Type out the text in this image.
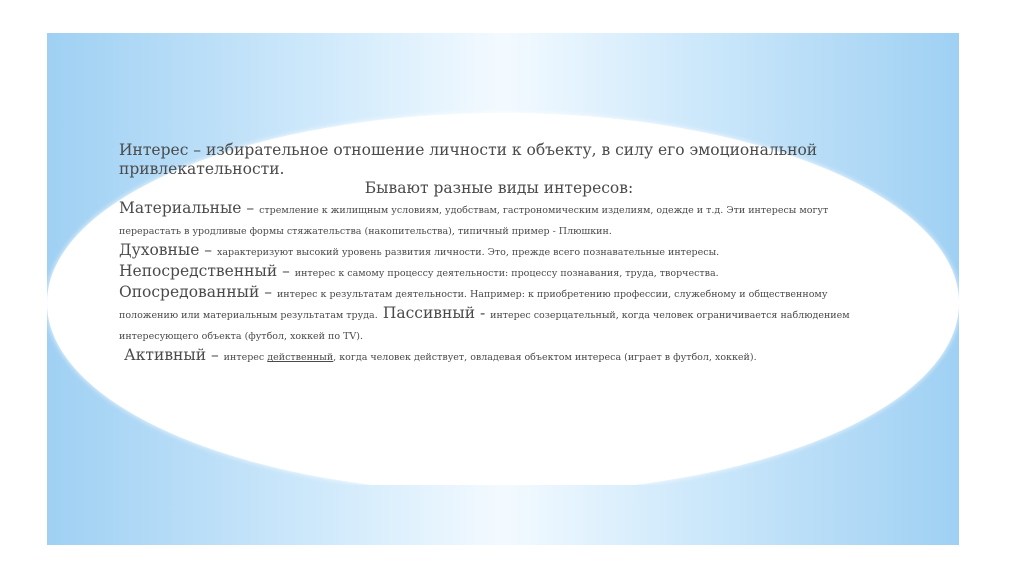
Интерес – избирательное отношение личности к объекту, в силу его эмоциональной привлекательности.

Бывают разные виды интересов:

Материальные – стремление к жилищным условиям, удобствам, гастрономическим изделиям, одежде и т.д. Эти интересы могут перерастать в уродливые формы стяжательства (накопительства), типичный пример - Плюшкин.

Духовные – характеризуют высокий уровень развития личности. Это, прежде всего познавательные интересы.

Непосредственный – интерес к самому процессу деятельности: процессу познавания, труда, творчества.

Опосредованный – интерес к результатам деятельности. Например: к приобретению профессии, служебному и общественному положению или материальным результатам труда. Пассивный - интерес созерцательный, когда человек ограничивается наблюдением интересующего объекта (футбол, хоккей по TV).

Активный – интерес действенный, когда человек действует, овладевая объектом интереса (играет в футбол, хоккей).
